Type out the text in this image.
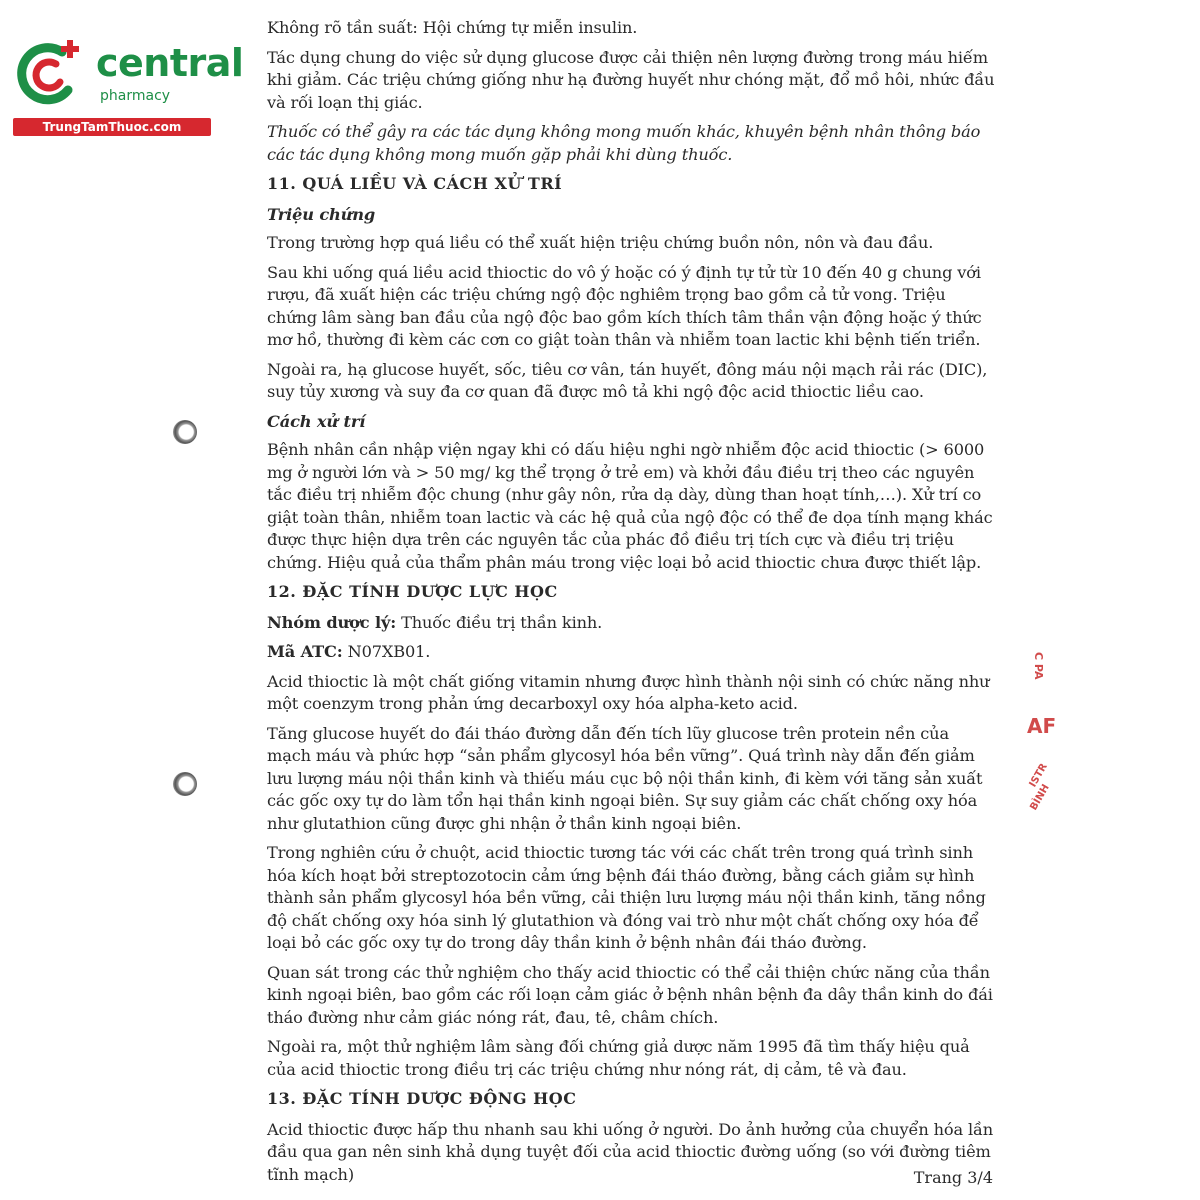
central
pharmacy
TrungTamThuoc.com
C PA
AF
ISTR
BÌNH

Không rõ tần suất: Hội chứng tự miễn insulin.

Tác dụng chung do việc sử dụng glucose được cải thiện nên lượng đường trong máu hiếm khi giảm. Các triệu chứng giống như hạ đường huyết như chóng mặt, đổ mồ hôi, nhức đầu và rối loạn thị giác.

Thuốc có thể gây ra các tác dụng không mong muốn khác, khuyên bệnh nhân thông báo các tác dụng không mong muốn gặp phải khi dùng thuốc.

11. QUÁ LIỀU VÀ CÁCH XỬ TRÍ
Triệu chứng

Trong trường hợp quá liều có thể xuất hiện triệu chứng buồn nôn, nôn và đau đầu.

Sau khi uống quá liều acid thioctic do vô ý hoặc có ý định tự tử từ 10 đến 40 g chung với rượu, đã xuất hiện các triệu chứng ngộ độc nghiêm trọng bao gồm cả tử vong. Triệu chứng lâm sàng ban đầu của ngộ độc bao gồm kích thích tâm thần vận động hoặc ý thức mơ hồ, thường đi kèm các cơn co giật toàn thân và nhiễm toan lactic khi bệnh tiến triển.

Ngoài ra, hạ glucose huyết, sốc, tiêu cơ vân, tán huyết, đông máu nội mạch rải rác (DIC), suy tủy xương và suy đa cơ quan đã được mô tả khi ngộ độc acid thioctic liều cao.

Cách xử trí

Bệnh nhân cần nhập viện ngay khi có dấu hiệu nghi ngờ nhiễm độc acid thioctic (> 6000 mg ở người lớn và > 50 mg/ kg thể trọng ở trẻ em) và khởi đầu điều trị theo các nguyên tắc điều trị nhiễm độc chung (như gây nôn, rửa dạ dày, dùng than hoạt tính,…). Xử trí co giật toàn thân, nhiễm toan lactic và các hệ quả của ngộ độc có thể đe dọa tính mạng khác được thực hiện dựa trên các nguyên tắc của phác đồ điều trị tích cực và điều trị triệu chứng. Hiệu quả của thẩm phân máu trong việc loại bỏ acid thioctic chưa được thiết lập.

12. ĐẶC TÍNH DƯỢC LỰC HỌC

Nhóm dược lý: Thuốc điều trị thần kinh.

Mã ATC: N07XB01.

Acid thioctic là một chất giống vitamin nhưng được hình thành nội sinh có chức năng như một coenzym trong phản ứng decarboxyl oxy hóa alpha-keto acid.

Tăng glucose huyết do đái tháo đường dẫn đến tích lũy glucose trên protein nền của mạch máu và phức hợp “sản phẩm glycosyl hóa bền vững”. Quá trình này dẫn đến giảm lưu lượng máu nội thần kinh và thiếu máu cục bộ nội thần kinh, đi kèm với tăng sản xuất các gốc oxy tự do làm tổn hại thần kinh ngoại biên. Sự suy giảm các chất chống oxy hóa như glutathion cũng được ghi nhận ở thần kinh ngoại biên.

Trong nghiên cứu ở chuột, acid thioctic tương tác với các chất trên trong quá trình sinh hóa kích hoạt bởi streptozotocin cảm ứng bệnh đái tháo đường, bằng cách giảm sự hình thành sản phẩm glycosyl hóa bền vững, cải thiện lưu lượng máu nội thần kinh, tăng nồng độ chất chống oxy hóa sinh lý glutathion và đóng vai trò như một chất chống oxy hóa để loại bỏ các gốc oxy tự do trong dây thần kinh ở bệnh nhân đái tháo đường.

Quan sát trong các thử nghiệm cho thấy acid thioctic có thể cải thiện chức năng của thần kinh ngoại biên, bao gồm các rối loạn cảm giác ở bệnh nhân bệnh đa dây thần kinh do đái tháo đường như cảm giác nóng rát, đau, tê, châm chích.

Ngoài ra, một thử nghiệm lâm sàng đối chứng giả dược năm 1995 đã tìm thấy hiệu quả của acid thioctic trong điều trị các triệu chứng như nóng rát, dị cảm, tê và đau.

13. ĐẶC TÍNH DƯỢC ĐỘNG HỌC

Acid thioctic được hấp thu nhanh sau khi uống ở người. Do ảnh hưởng của chuyển hóa lần đầu qua gan nên sinh khả dụng tuyệt đối của acid thioctic đường uống (so với đường tiêm tĩnh mạch)	Trang 3/4
